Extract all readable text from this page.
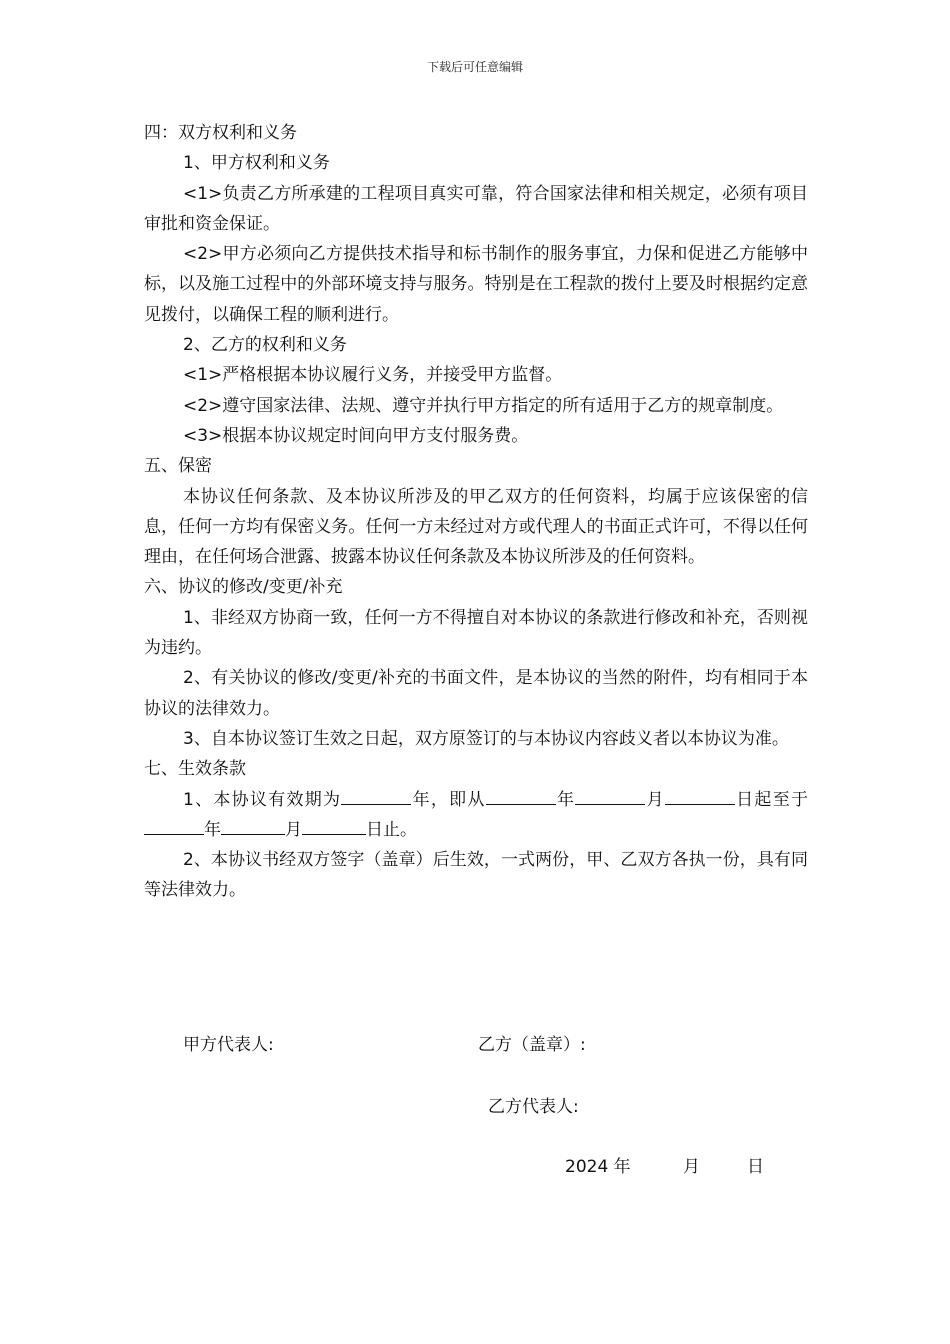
下载后可任意编辑

四：双方权利和义务

1、甲方权利和义务

<1>负责乙方所承建的工程项目真实可靠，符合国家法律和相关规定，必须有项目审批和资金保证。

<2>甲方必须向乙方提供技术指导和标书制作的服务事宜，力保和促进乙方能够中标，以及施工过程中的外部环境支持与服务。特别是在工程款的拨付上要及时根据约定意见拨付，以确保工程的顺利进行。

2、乙方的权利和义务

<1>严格根据本协议履行义务，并接受甲方监督。

<2>遵守国家法律、法规、遵守并执行甲方指定的所有适用于乙方的规章制度。

<3>根据本协议规定时间向甲方支付服务费。

五、保密

本协议任何条款、及本协议所涉及的甲乙双方的任何资料，均属于应该保密的信息，任何一方均有保密义务。任何一方未经过对方或代理人的书面正式许可，不得以任何理由，在任何场合泄露、披露本协议任何条款及本协议所涉及的任何资料。

六、协议的修改/变更/补充

1、非经双方协商一致，任何一方不得擅自对本协议的条款进行修改和补充，否则视为违约。

2、有关协议的修改/变更/补充的书面文件，是本协议的当然的附件，均有相同于本协议的法律效力。

3、自本协议签订生效之日起，双方原签订的与本协议内容歧义者以本协议为准。

七、生效条款

1、本协议有效期为	年，即从	年	月	日起至于年	月	日止。

2、本协议书经双方签字（盖章）后生效，一式两份，甲、乙双方各执一份，具有同等法律效力。

甲方代表人:	乙方（盖章）:
乙方代表人:
2024 年	月	日
